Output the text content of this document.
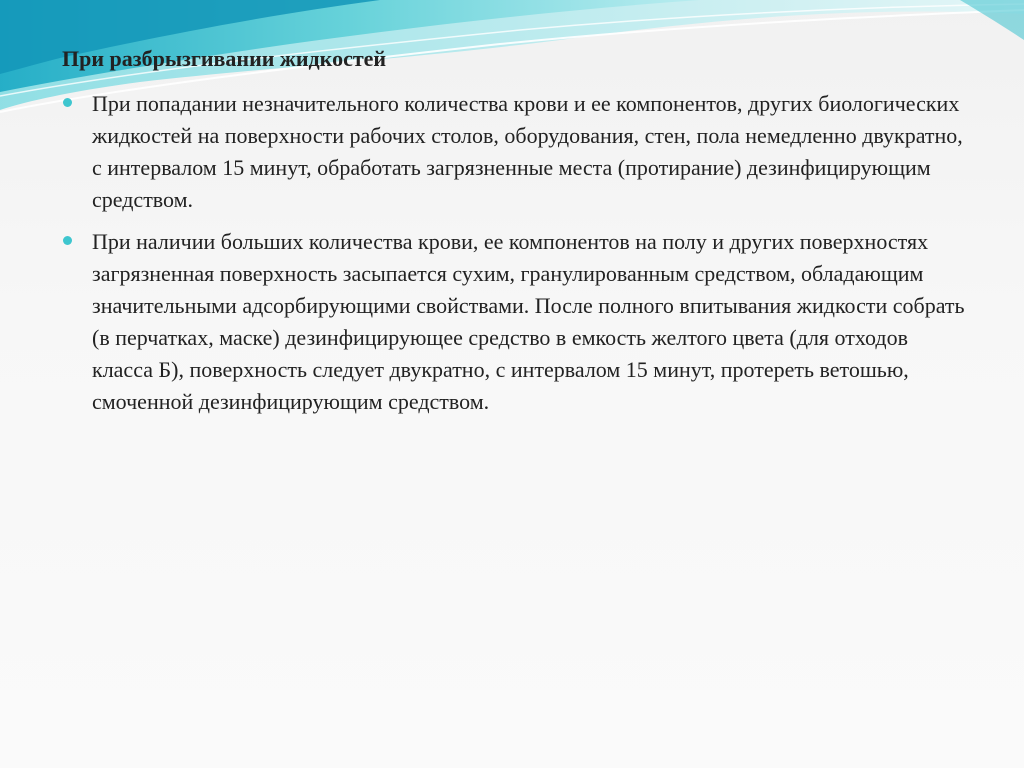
При разбрызгивании жидкостей
При попадании незначительного количества крови и ее компонентов, других биологических жидкостей на поверхности рабочих столов, оборудования, стен, пола немедленно двукратно, с интервалом 15 минут, обработать загрязненные места (протирание) дезинфицирующим средством.
При наличии больших количества крови, ее компонентов на полу и других поверхностях загрязненная поверхность засыпается сухим, гранулированным средством, обладающим значительными адсорбирующими свойствами. После полного впитывания жидкости собрать (в перчатках, маске) дезинфицирующее средство в емкость желтого цвета (для отходов класса Б), поверхность следует двукратно, с интервалом 15 минут, протереть ветошью, смоченной дезинфицирующим средством.
